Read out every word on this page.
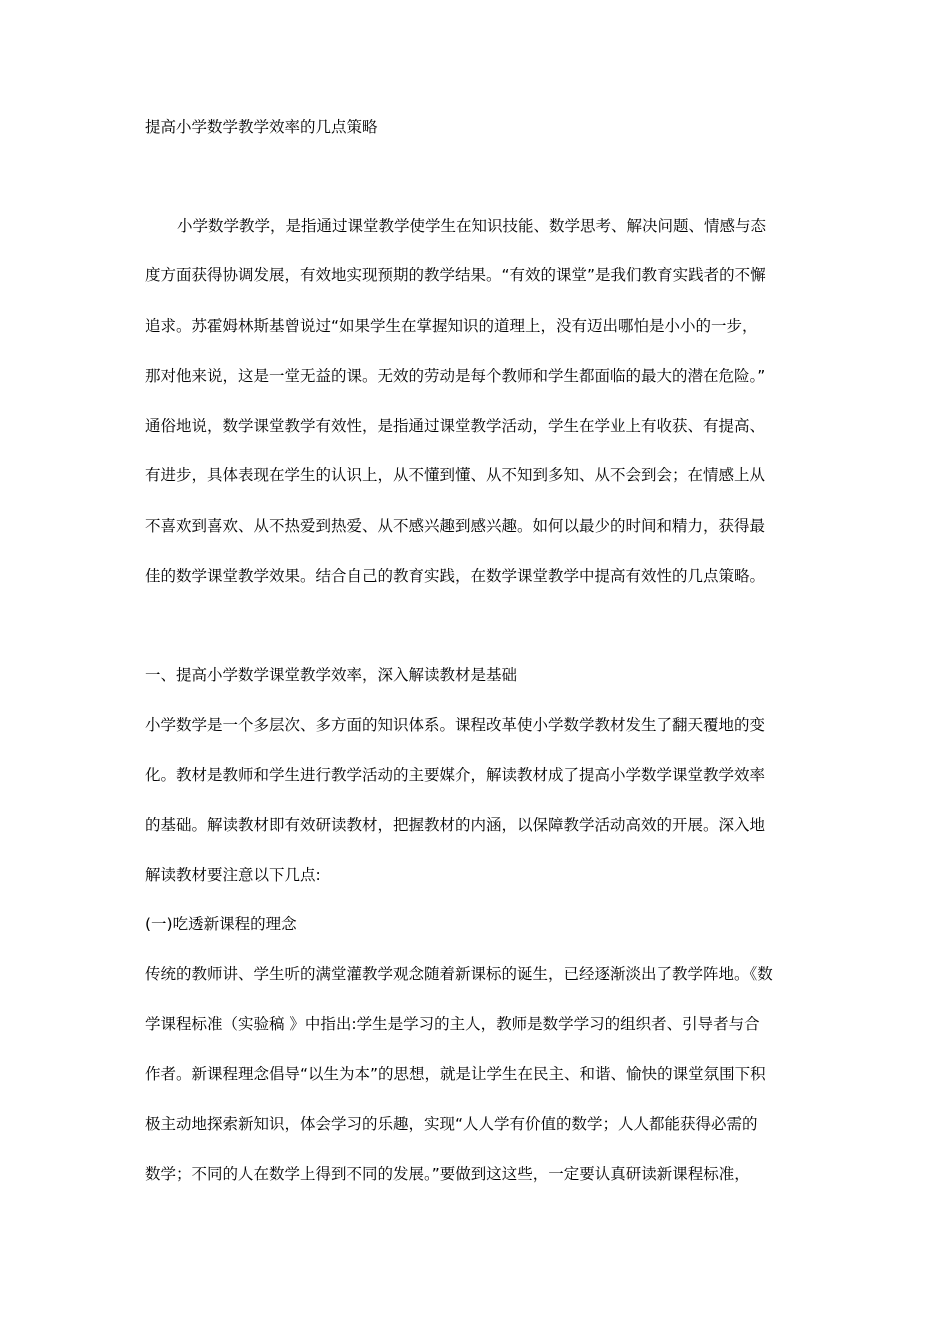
提高小学数学教学效率的几点策略

小学数学教学，是指通过课堂教学使学生在知识技能、数学思考、解决问题、情感与态

度方面获得协调发展，有效地实现预期的教学结果。“有效的课堂”是我们教育实践者的不懈

追求。苏霍姆林斯基曾说过“如果学生在掌握知识的道理上，没有迈出哪怕是小小的一步，

那对他来说，这是一堂无益的课。无效的劳动是每个教师和学生都面临的最大的潜在危险。”

通俗地说，数学课堂教学有效性，是指通过课堂教学活动，学生在学业上有收获、有提高、

有进步，具体表现在学生的认识上，从不懂到懂、从不知到多知、从不会到会；在情感上从

不喜欢到喜欢、从不热爱到热爱、从不感兴趣到感兴趣。如何以最少的时间和精力，获得最

佳的数学课堂教学效果。结合自己的教育实践，在数学课堂教学中提高有效性的几点策略。

一、提高小学数学课堂教学效率，深入解读教材是基础

小学数学是一个多层次、多方面的知识体系。课程改革使小学数学教材发生了翻天覆地的变

化。教材是教师和学生进行教学活动的主要媒介，解读教材成了提高小学数学课堂教学效率

的基础。解读教材即有效研读教材，把握教材的内涵，以保障教学活动高效的开展。深入地

解读教材要注意以下几点:

(一)吃透新课程的理念

传统的教师讲、学生听的满堂灌教学观念随着新课标的诞生，已经逐渐淡出了教学阵地。《数

学课程标准（实验稿 》中指出:学生是学习的主人，教师是数学学习的组织者、引导者与合

作者。新课程理念倡导“以生为本”的思想，就是让学生在民主、和谐、愉快的课堂氛围下积

极主动地探索新知识，体会学习的乐趣，实现“人人学有价值的数学；人人都能获得必需的

数学；不同的人在数学上得到不同的发展。”要做到这这些，一定要认真研读新课程标准，
